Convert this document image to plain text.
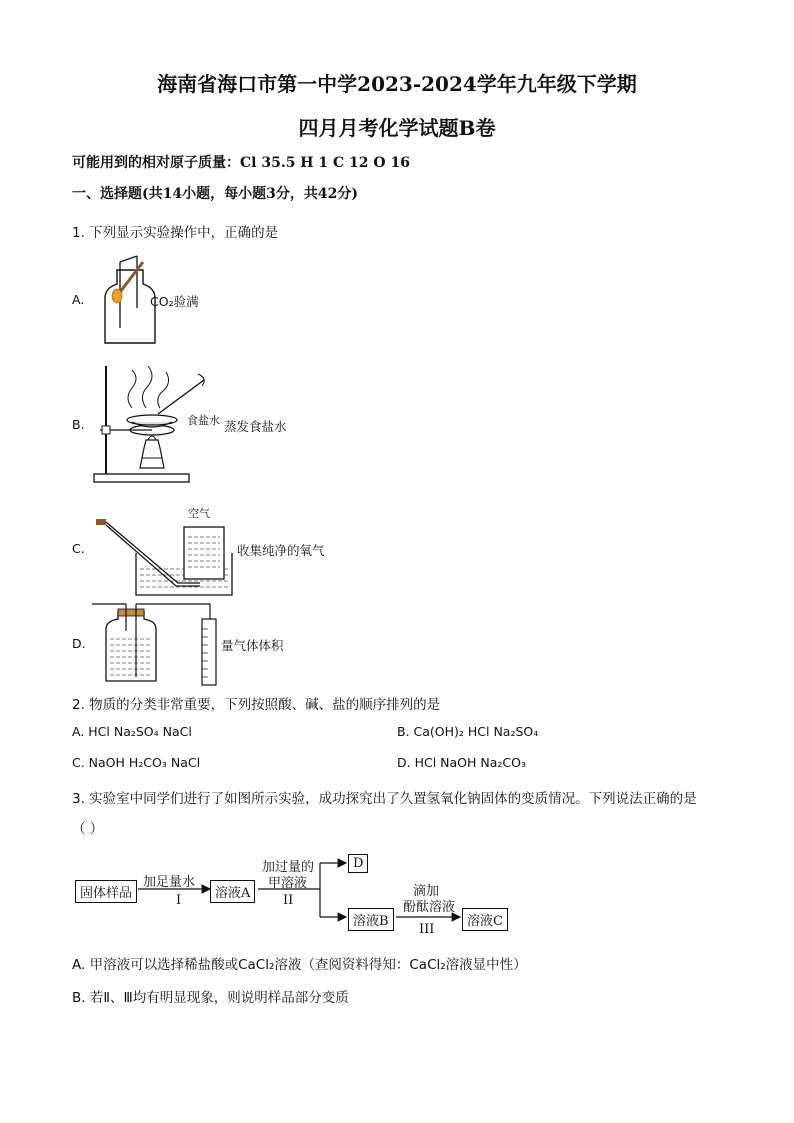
海南省海口市第一中学2023-2024学年九年级下学期
四月月考化学试题B卷
可能用到的相对原子质量：Cl 35.5 H 1 C 12 O 16
一、选择题(共14小题，每小题3分，共42分)
1. 下列显示实验操作中，正确的是
A.	CO₂验满
B.	食盐水 蒸发食盐水
C.
空气
收集纯净的氧气
D.	量气体体积
2. 物质的分类非常重要，下列按照酸、碱、盐的顺序排列的是
A. HCl Na₂SO₄ NaCl	B. Ca(OH)₂ HCl Na₂SO₄
C. NaOH H₂CO₃ NaCl	D. HCl NaOH Na₂CO₃
3. 实验室中同学们进行了如图所示实验，成功探究出了久置氢氧化钠固体的变质情况。下列说法正确的是
（ ）
固体样品
加足量水
I	溶液A
加过量的
甲溶液
II
D
溶液B
滴加
酚酞溶液
III
溶液C
A. 甲溶液可以选择稀盐酸或CaCl₂溶液（查阅资料得知：CaCl₂溶液显中性）
B. 若Ⅱ、Ⅲ均有明显现象，则说明样品部分变质
